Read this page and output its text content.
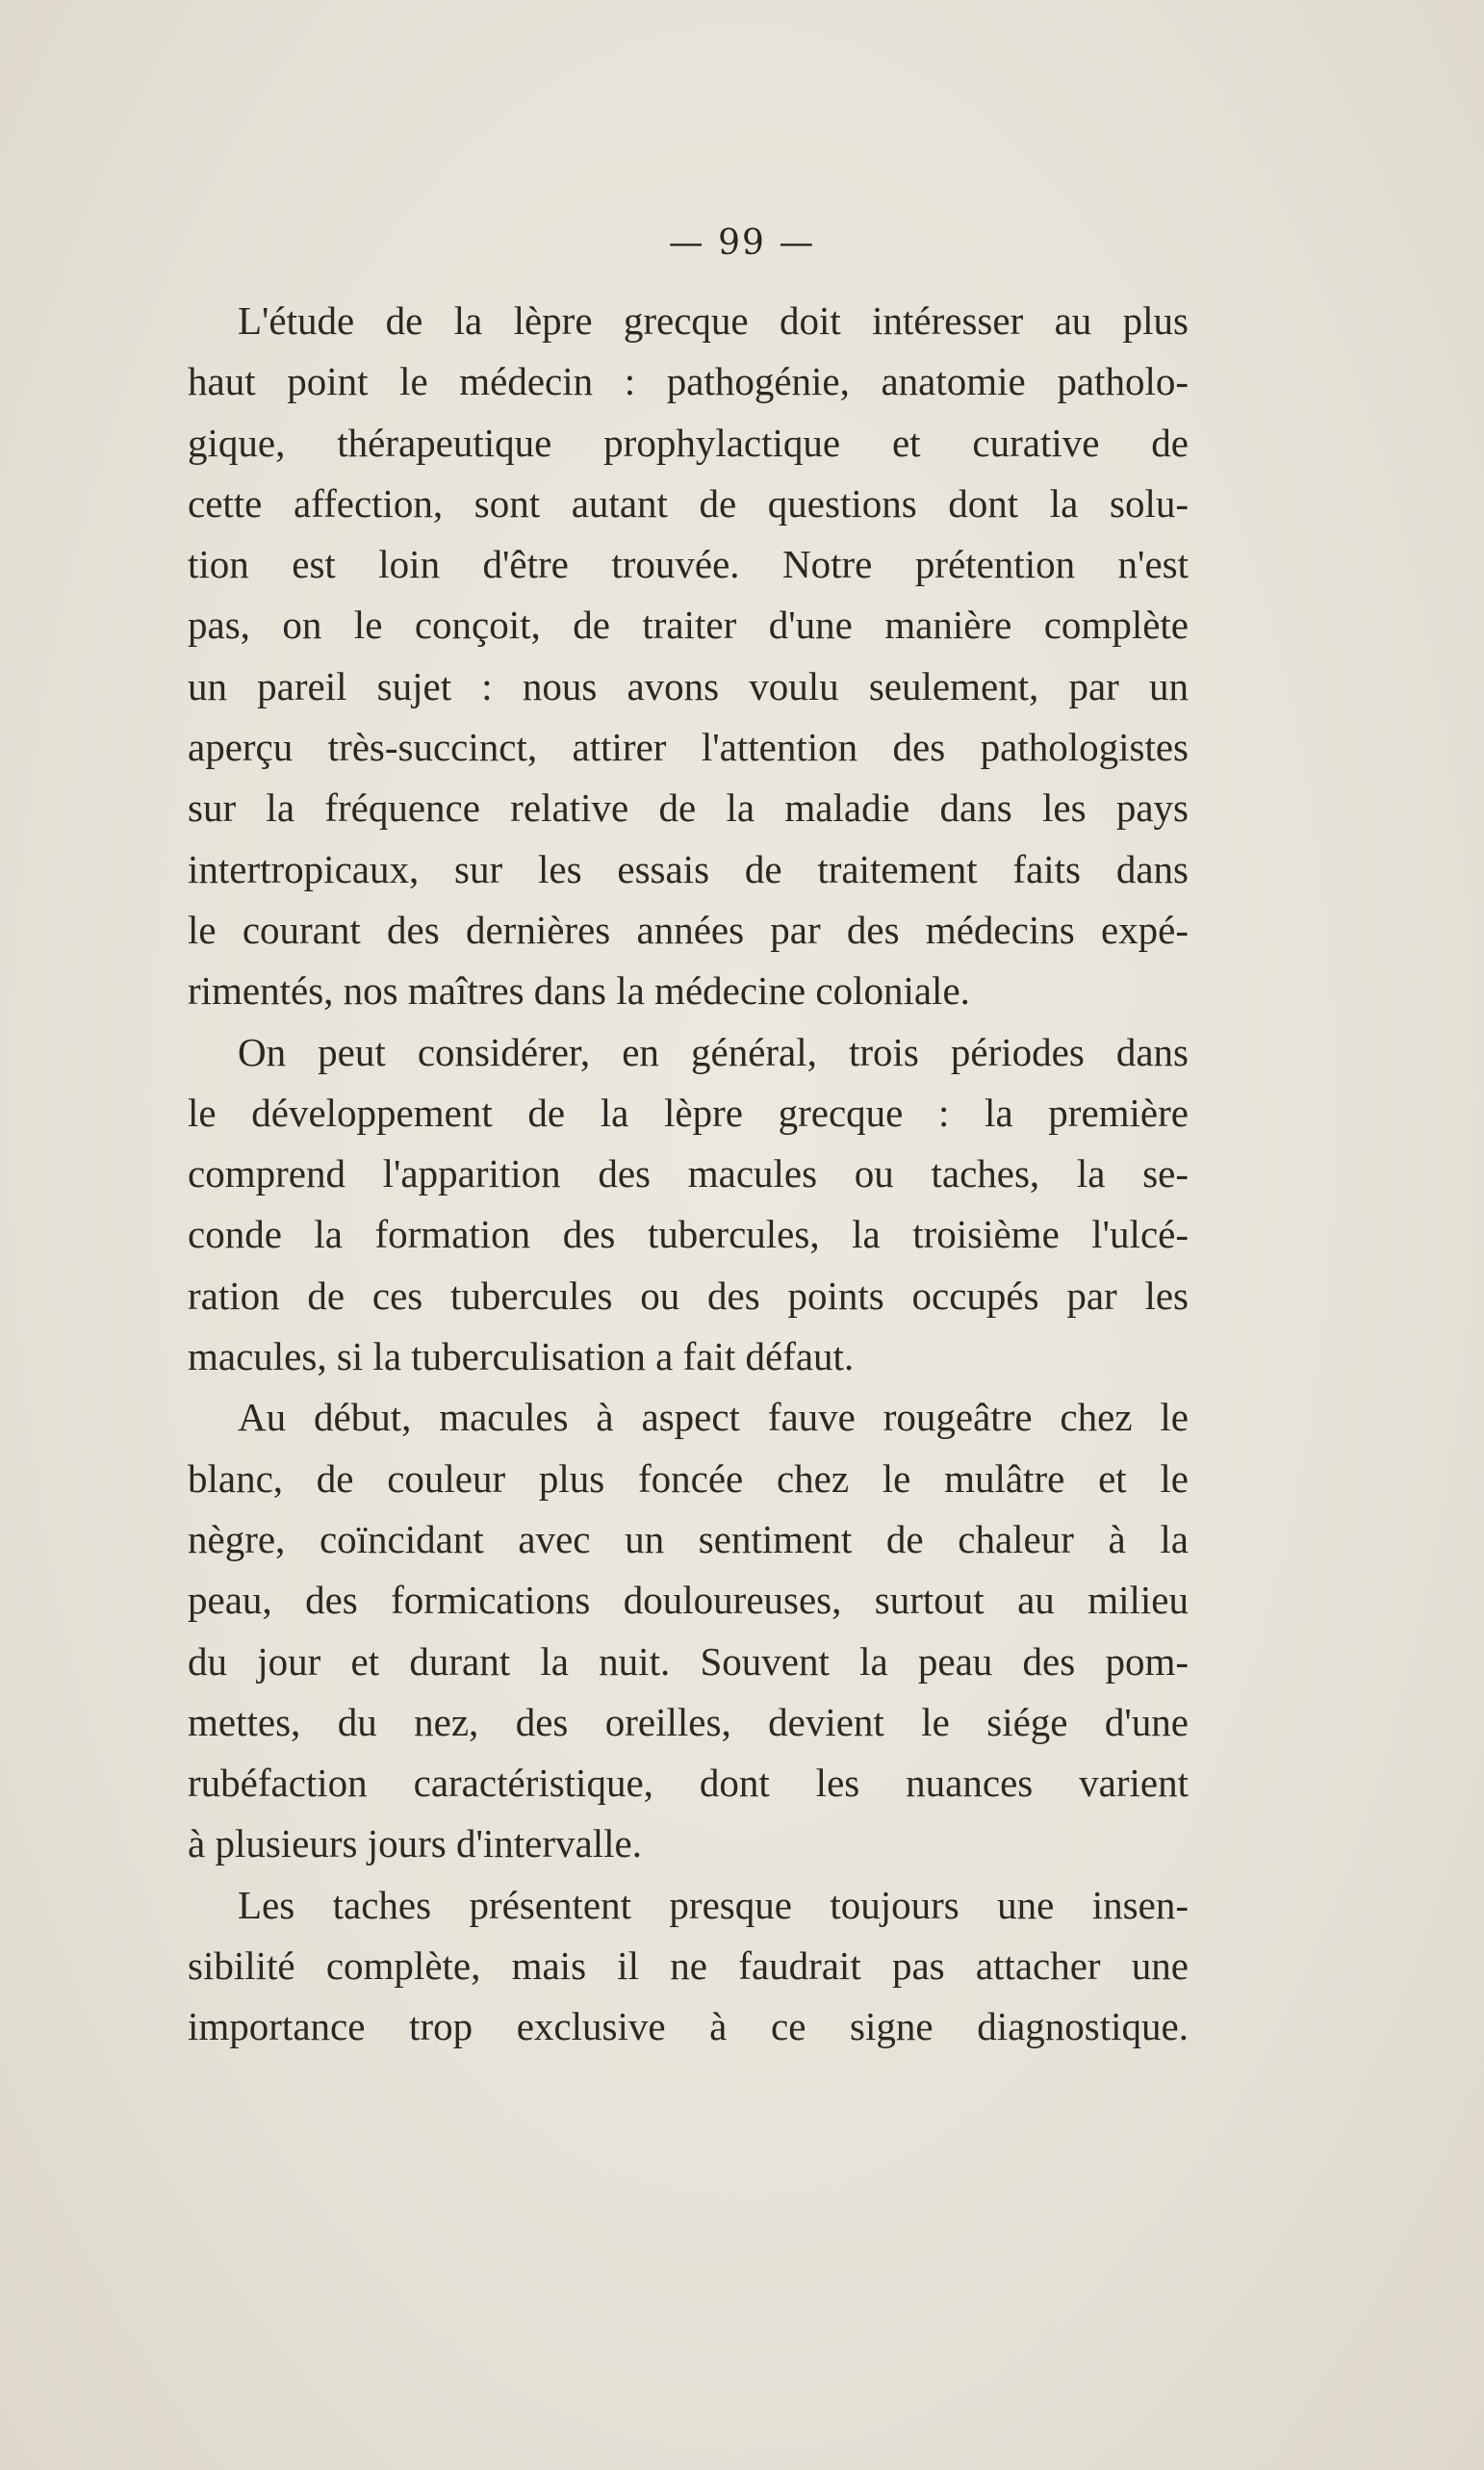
— 99 —
L'étude de la lèpre grecque doit intéresser au plus
haut point le médecin : pathogénie, anatomie patholo-
gique, thérapeutique prophylactique et curative de
cette affection, sont autant de questions dont la solu-
tion est loin d'être trouvée. Notre prétention n'est
pas, on le conçoit, de traiter d'une manière complète
un pareil sujet : nous avons voulu seulement, par un
aperçu très-succinct, attirer l'attention des pathologistes
sur la fréquence relative de la maladie dans les pays
intertropicaux, sur les essais de traitement faits dans
le courant des dernières années par des médecins expé-
rimentés, nos maîtres dans la médecine coloniale.
On peut considérer, en général, trois périodes dans
le développement de la lèpre grecque : la première
comprend l'apparition des macules ou taches, la se-
conde la formation des tubercules, la troisième l'ulcé-
ration de ces tubercules ou des points occupés par les
macules, si la tuberculisation a fait défaut.
Au début, macules à aspect fauve rougeâtre chez le
blanc, de couleur plus foncée chez le mulâtre et le
nègre, coïncidant avec un sentiment de chaleur à la
peau, des formications douloureuses, surtout au milieu
du jour et durant la nuit. Souvent la peau des pom-
mettes, du nez, des oreilles, devient le siége d'une
rubéfaction caractéristique, dont les nuances varient
à plusieurs jours d'intervalle.
Les taches présentent presque toujours une insen-
sibilité complète, mais il ne faudrait pas attacher une
importance trop exclusive à ce signe diagnostique.
